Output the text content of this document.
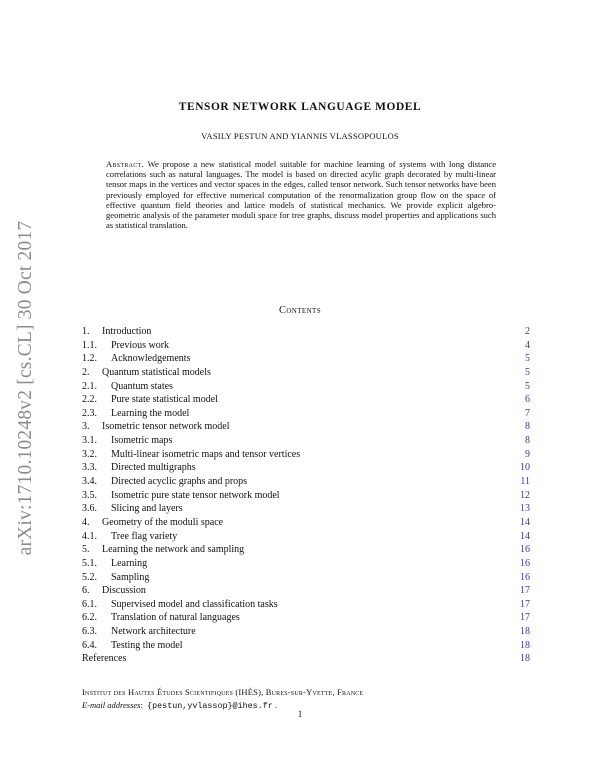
arXiv:1710.10248v2 [cs.CL] 30 Oct 2017
TENSOR NETWORK LANGUAGE MODEL
VASILY PESTUN AND YIANNIS VLASSOPOULOS
Abstract. We propose a new statistical model suitable for machine learning of systems with long distance correlations such as natural languages. The model is based on directed acylic graph decorated by multi-linear tensor maps in the vertices and vector spaces in the edges, called tensor network. Such tensor networks have been previously employed for effective numerical computation of the renormalization group flow on the space of effective quantum field theories and lattice models of statistical mechanics. We provide explicit algebro-geometric analysis of the parameter moduli space for tree graphs, discuss model properties and applications such as statistical translation.
Contents
1. Introduction	2
1.1. Previous work	4
1.2. Acknowledgements	5
2. Quantum statistical models	5
2.1. Quantum states	5
2.2. Pure state statistical model	6
2.3. Learning the model	7
3. Isometric tensor network model	8
3.1. Isometric maps	8
3.2. Multi-linear isometric maps and tensor vertices	9
3.3. Directed multigraphs	10
3.4. Directed acyclic graphs and props	11
3.5. Isometric pure state tensor network model	12
3.6. Slicing and layers	13
4. Geometry of the moduli space	14
4.1. Tree flag variety	14
5. Learning the network and sampling	16
5.1. Learning	16
5.2. Sampling	16
6. Discussion	17
6.1. Supervised model and classification tasks	17
6.2. Translation of natural languages	17
6.3. Network architecture	18
6.4. Testing the model	18
References	18
Institut des Hautes Études Scientifiques (IHÉS), Bures-sur-Yvette, France
E-mail addresses:  {pestun,yvlassop}@ihes.fr .
1
